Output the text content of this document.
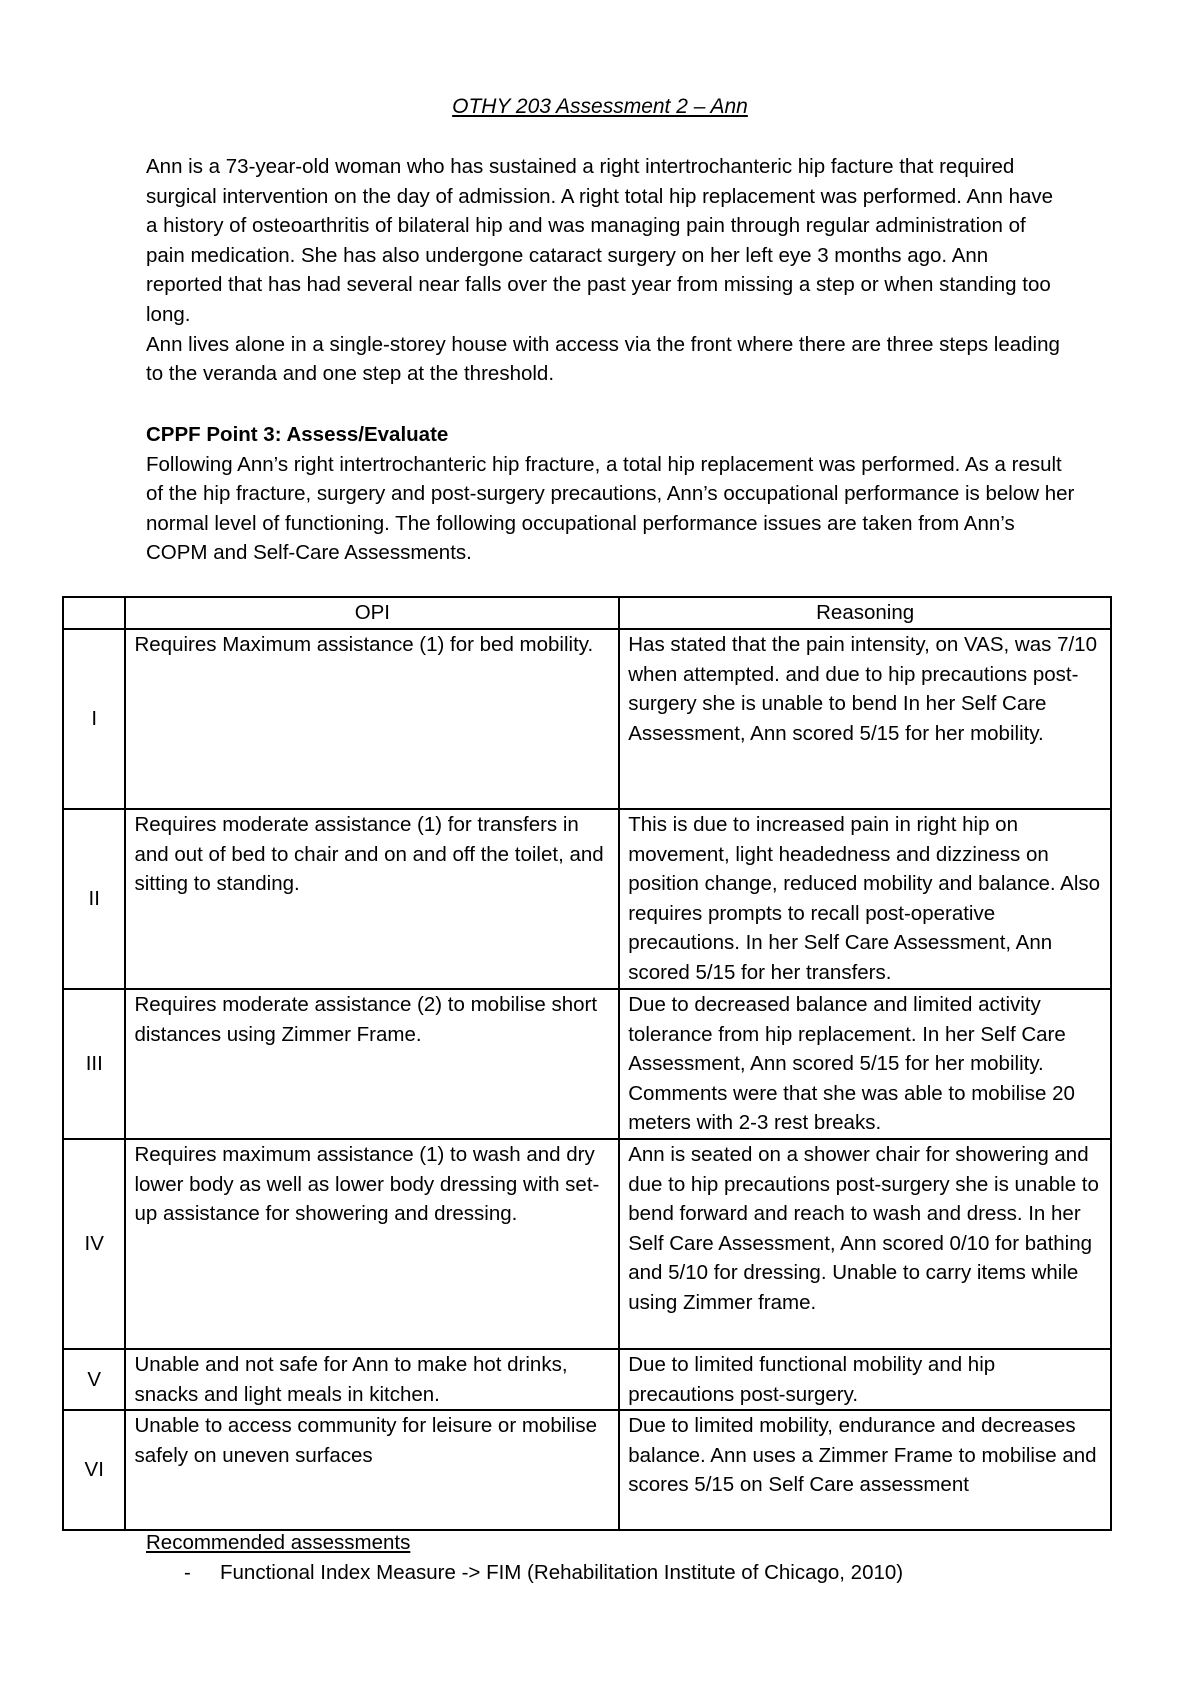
OTHY 203 Assessment 2 – Ann

Ann is a 73-year-old woman who has sustained a right intertrochanteric hip facture that required surgical intervention on the day of admission. A right total hip replacement was performed. Ann have a history of osteoarthritis of bilateral hip and was managing pain through regular administration of pain medication. She has also undergone cataract surgery on her left eye 3 months ago. Ann reported that has had several near falls over the past year from missing a step or when standing too long.

Ann lives alone in a single-storey house with access via the front where there are three steps leading to the veranda and one step at the threshold.

CPPF Point 3: Assess/Evaluate

Following Ann’s right intertrochanteric hip fracture, a total hip replacement was performed. As a result of the hip fracture, surgery and post-surgery precautions, Ann’s occupational performance is below her normal level of functioning. The following occupational performance issues are taken from Ann’s COPM and Self-Care Assessments.

	OPI	Reasoning
I	Requires Maximum assistance (1) for bed mobility.	Has stated that the pain intensity, on VAS, was 7/10 when attempted. and due to hip precautions post-surgery she is unable to bend In her Self Care Assessment, Ann scored 5/15 for her mobility.
II	Requires moderate assistance (1) for transfers in and out of bed to chair and on and off the toilet, and sitting to standing.	This is due to increased pain in right hip on movement, light headedness and dizziness on position change, reduced mobility and balance. Also requires prompts to recall post-operative precautions. In her Self Care Assessment, Ann scored 5/15 for her transfers.
III	Requires moderate assistance (2) to mobilise short distances using Zimmer Frame.	Due to decreased balance and limited activity tolerance from hip replacement. In her Self Care Assessment, Ann scored 5/15 for her mobility. Comments were that she was able to mobilise 20 meters with 2-3 rest breaks.
IV	Requires maximum assistance (1) to wash and dry lower body as well as lower body dressing with set-up assistance for showering and dressing.	Ann is seated on a shower chair for showering and due to hip precautions post-surgery she is unable to bend forward and reach to wash and dress. In her Self Care Assessment, Ann scored 0/10 for bathing and 5/10 for dressing. Unable to carry items while using Zimmer frame.
V	Unable and not safe for Ann to make hot drinks, snacks and light meals in kitchen.	Due to limited functional mobility and hip precautions post-surgery.
VI	Unable to access community for leisure or mobilise safely on uneven surfaces	Due to limited mobility, endurance and decreases balance. Ann uses a Zimmer Frame to mobilise and scores 5/15 on Self Care assessment

Recommended assessments

- Functional Index Measure -> FIM (Rehabilitation Institute of Chicago, 2010)
